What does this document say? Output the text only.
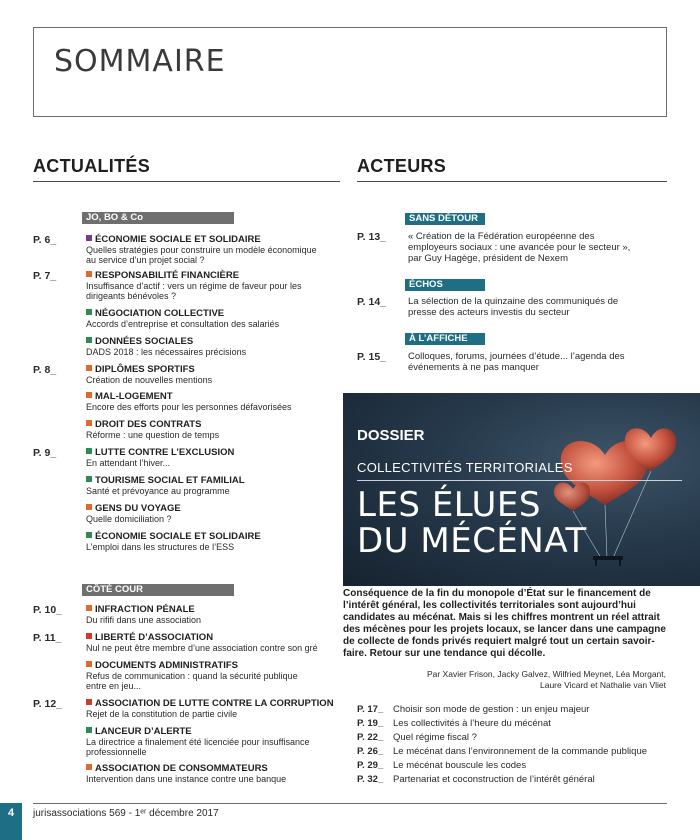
SOMMAIRE
ACTUALITÉS
JO, BO & Co
P. 6_	ÉCONOMIE SOCIALE ET SOLIDAIRE
Quelles stratégies pour construire un modèle économique
au service d’un projet social ?
P. 7_	RESPONSABILITÉ FINANCIÈRE
Insuffisance d’actif : vers un régime de faveur pour les
dirigeants bénévoles ?
NÉGOCIATION COLLECTIVE
Accords d’entreprise et consultation des salariés
DONNÉES SOCIALES
DADS 2018 : les nécessaires précisions
P. 8_	DIPLÔMES SPORTIFS
Création de nouvelles mentions
MAL-LOGEMENT
Encore des efforts pour les personnes défavorisées
DROIT DES CONTRATS
Réforme : une question de temps
P. 9_	LUTTE CONTRE L’EXCLUSION
En attendant l’hiver...
TOURISME SOCIAL ET FAMILIAL
Santé et prévoyance au programme
GENS DU VOYAGE
Quelle domiciliation ?
ÉCONOMIE SOCIALE ET SOLIDAIRE
L’emploi dans les structures de l’ESS
CÔTÉ COUR
P. 10_	INFRACTION PÉNALE
Du rififi dans une association
P. 11_	LIBERTÉ D’ASSOCIATION
Nul ne peut être membre d’une association contre son gré
DOCUMENTS ADMINISTRATIFS
Refus de communication : quand la sécurité publique
entre en jeu...
P. 12_	ASSOCIATION DE LUTTE CONTRE LA CORRUPTION
Rejet de la constitution de partie civile
LANCEUR D’ALERTE
La directrice a finalement été licenciée pour insuffisance
professionnelle
ASSOCIATION DE CONSOMMATEURS
Intervention dans une instance contre une banque
ACTEURS
SANS DÉTOUR
P. 13_ « Création de la Fédération européenne des
employeurs sociaux : une avancée pour le secteur »,
par Guy Hagège, président de Nexem
ÉCHOS
P. 14_ La sélection de la quinzaine des communiqués de
presse des acteurs investis du secteur
À L’AFFICHE
P. 15_ Colloques, forums, journées d’étude... l’agenda des
événements à ne pas manquer
DOSSIER
COLLECTIVITÉS TERRITORIALES
LES ÉLUES
DU MÉCÉNAT
Conséquence de la fin du monopole d’État sur le financement de l’intérêt général, les collectivités territoriales sont aujourd’hui candidates au mécénat. Mais si les chiffres montrent un réel attrait des mécènes pour les projets locaux, se lancer dans une campagne de collecte de fonds privés requiert malgré tout un certain savoir-faire. Retour sur une tendance qui décolle.
Par Xavier Frison, Jacky Galvez, Wilfried Meynet, Léa Morgant,
Laure Vicard et Nathalie van Vliet
P. 17_ Choisir son mode de gestion : un enjeu majeur
P. 19_ Les collectivités à l’heure du mécénat
P. 22_ Quel régime fiscal ?
P. 26_ Le mécénat dans l’environnement de la commande publique
P. 29_ Le mécénat bouscule les codes
P. 32_ Partenariat et coconstruction de l’intérêt général
4	jurisassociations 569 - 1ᵉʳ décembre 2017
